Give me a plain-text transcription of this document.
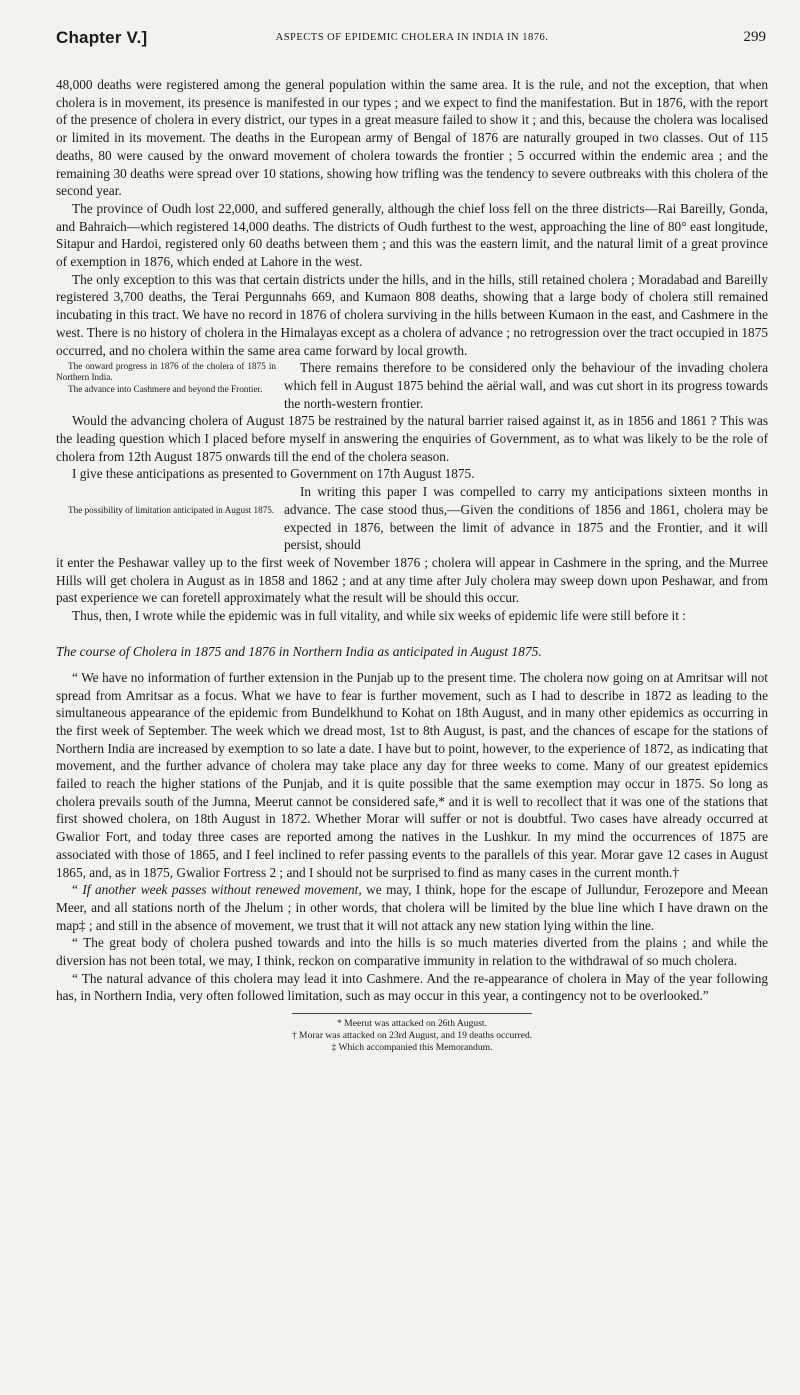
Chapter V.]	ASPECTS OF EPIDEMIC CHOLERA IN INDIA IN 1876.	299

48,000 deaths were registered among the general population within the same area. It is the rule, and not the exception, that when cholera is in movement, its presence is manifested in our types ; and we expect to find the manifestation. But in 1876, with the report of the presence of cholera in every district, our types in a great measure failed to show it ; and this, because the cholera was localised or limited in its movement. The deaths in the European army of Bengal of 1876 are naturally grouped in two classes. Out of 115 deaths, 80 were caused by the onward movement of cholera towards the frontier ; 5 occurred within the endemic area ; and the remaining 30 deaths were spread over 10 stations, showing how trifling was the tendency to severe outbreaks with this cholera of the second year.

The province of Oudh lost 22,000, and suffered generally, although the chief loss fell on the three districts—Rai Bareilly, Gonda, and Bahraich—which registered 14,000 deaths. The districts of Oudh furthest to the west, approaching the line of 80° east longitude, Sitapur and Hardoi, registered only 60 deaths between them ; and this was the eastern limit, and the natural limit of a great province of exemption in 1876, which ended at Lahore in the west.

The only exception to this was that certain districts under the hills, and in the hills, still retained cholera ; Moradabad and Bareilly registered 3,700 deaths, the Terai Pergunnahs 669, and Kumaon 808 deaths, showing that a large body of cholera still remained incubating in this tract. We have no record in 1876 of cholera surviving in the hills between Kumaon in the east, and Cashmere in the west. There is no history of cholera in the Himalayas except as a cholera of advance ; no retrogression over the tract occupied in 1875 occurred, and no cholera within the same area came forward by local growth.

The onward progress in 1876 of the cholera of 1875 in Northern India.
The advance into Cashmere and beyond the Frontier.

There remains therefore to be considered only the behaviour of the invading cholera which fell in August 1875 behind the aërial wall, and was cut short in its progress towards the north-western frontier.

Would the advancing cholera of August 1875 be restrained by the natural barrier raised against it, as in 1856 and 1861 ? This was the leading question which I placed before myself in answering the enquiries of Government, as to what was likely to be the role of cholera from 12th August 1875 onwards till the end of the cholera season.

I give these anticipations as presented to Government on 17th August 1875.

The possibility of limitation anticipated in August 1875.

In writing this paper I was compelled to carry my anticipations sixteen months in advance. The case stood thus,—Given the conditions of 1856 and 1861, cholera may be expected in 1876, between the limit of advance in 1875 and the Frontier, and it will persist, should

it enter the Peshawar valley up to the first week of November 1876 ; cholera will appear in Cashmere in the spring, and the Murree Hills will get cholera in August as in 1858 and 1862 ; and at any time after July cholera may sweep down upon Peshawar, and from past experience we can foretell approximately what the result will be should this occur.

Thus, then, I wrote while the epidemic was in full vitality, and while six weeks of epidemic life were still before it :

The course of Cholera in 1875 and 1876 in Northern India as anticipated in August 1875.

“ We have no information of further extension in the Punjab up to the present time. The cholera now going on at Amritsar will not spread from Amritsar as a focus. What we have to fear is further movement, such as I had to describe in 1872 as leading to the simultaneous appearance of the epidemic from Bundelkhund to Kohat on 18th August, and in many other epidemics as occurring in the first week of September. The week which we dread most, 1st to 8th August, is past, and the chances of escape for the stations of Northern India are increased by exemption to so late a date. I have but to point, however, to the experience of 1872, as indicating that movement, and the further advance of cholera may take place any day for three weeks to come. Many of our greatest epidemics failed to reach the higher stations of the Punjab, and it is quite possible that the same exemption may occur in 1875. So long as cholera prevails south of the Jumna, Meerut cannot be considered safe,* and it is well to recollect that it was one of the stations that first showed cholera, on 18th August in 1872. Whether Morar will suffer or not is doubtful. Two cases have already occurred at Gwalior Fort, and today three cases are reported among the natives in the Lushkur. In my mind the occurrences of 1875 are associated with those of 1865, and I feel inclined to refer passing events to the parallels of this year. Morar gave 12 cases in August 1865, and, as in 1875, Gwalior Fortress 2 ; and I should not be surprised to find as many cases in the current month.†

“ If another week passes without renewed movement, we may, I think, hope for the escape of Jullundur, Ferozepore and Meean Meer, and all stations north of the Jhelum ; in other words, that cholera will be limited by the blue line which I have drawn on the map‡ ; and still in the absence of movement, we trust that it will not attack any new station lying within the line.

“ The great body of cholera pushed towards and into the hills is so much materies diverted from the plains ; and while the diversion has not been total, we may, I think, reckon on comparative immunity in relation to the withdrawal of so much cholera.

“ The natural advance of this cholera may lead it into Cashmere. And the re-appearance of cholera in May of the year following has, in Northern India, very often followed limitation, such as may occur in this year, a contingency not to be overlooked.”

* Meerut was attacked on 26th August.
† Morar was attacked on 23rd August, and 19 deaths occurred.
‡ Which accompanied this Memorandum.
